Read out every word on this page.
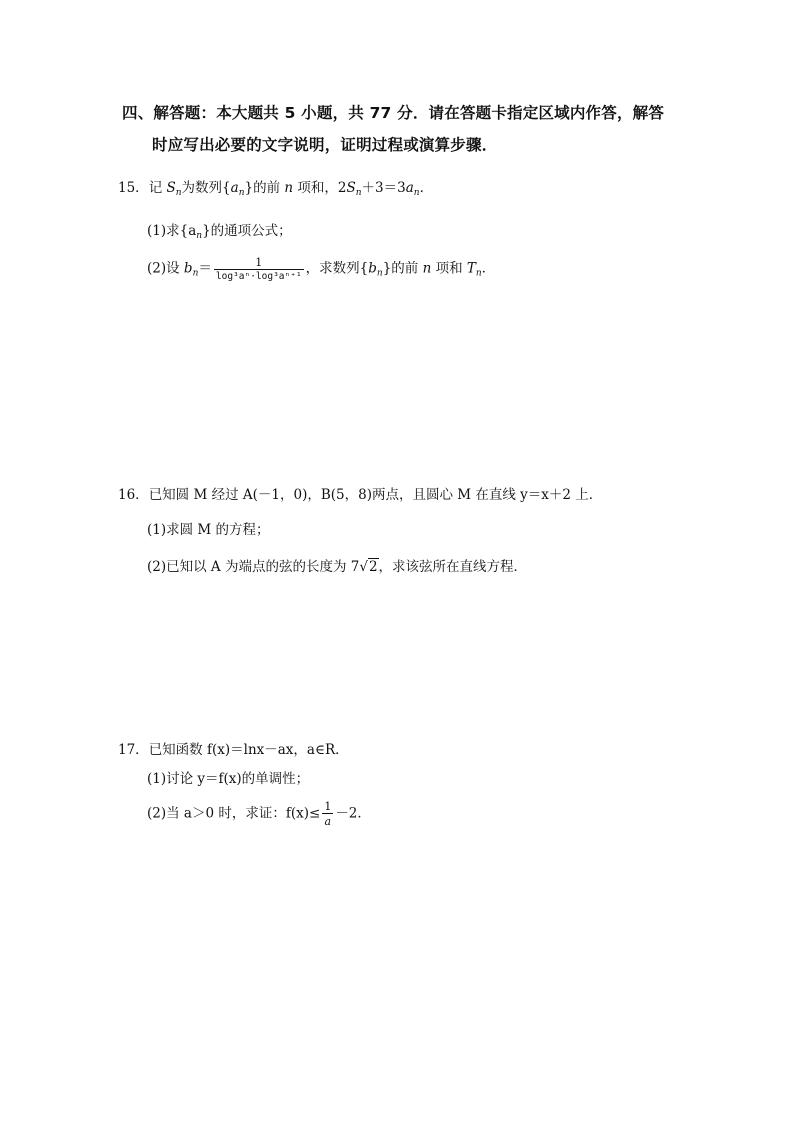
四、解答题：本大题共 5 小题，共 77 分．请在答题卡指定区域内作答，解答
时应写出必要的文字说明，证明过程或演算步骤．
15．记 $S_n$为数列$\{a_n\}$的前 n 项和，$2S_n+3=3a_n$．
(1)求$\{a_n\}$的通项公式；
(2)设 $b_n= \frac{1}{\text{log³aⁿ·log³aⁿ⁺¹}}$ ，求数列$\{b_n\}$的前 n 项和 $T_n$．
16．已知圆 M 经过 A(－1，0)，B(5，8)两点，且圆心 M 在直线 y＝x＋2 上．
(1)求圆 M 的方程；
(2)已知以 A 为端点的弦的长度为 7√2，求该弦所在直线方程．
17．已知函数 f(x)＝lnx－ax，a∈R．
(1)讨论 y＝f(x)的单调性；
(2)当 a＞0 时，求证：$f(x)\le \frac{1}{a} -2$．
